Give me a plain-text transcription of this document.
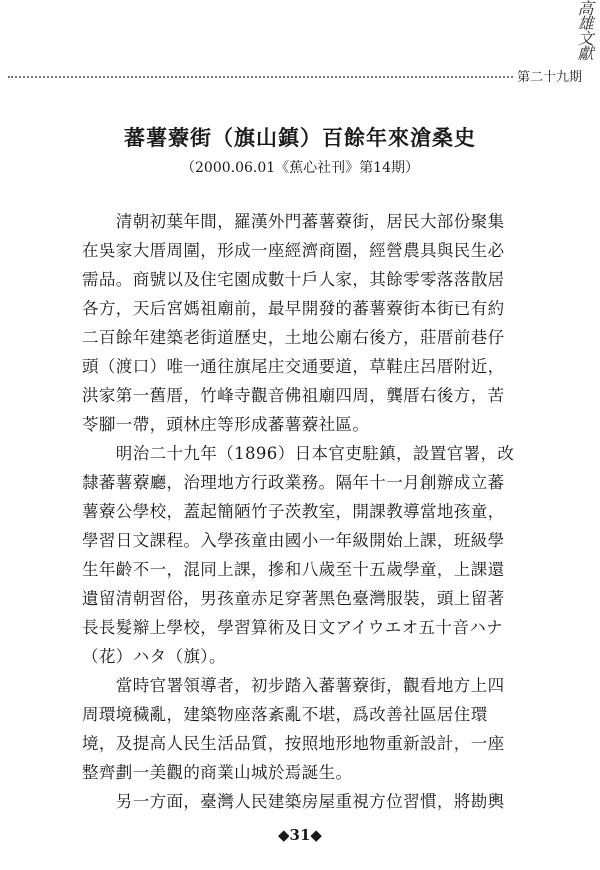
高雄文獻
第二十九期
蕃薯藔街（旗山鎮）百餘年來滄桑史
（2000.06.01《蕉心社刊》第14期）
　　清朝初葉年間，羅漢外門蕃薯藔街，居民大部份聚集
在吳家大厝周圍，形成一座經濟商圈，經營農具與民生必
需品。商號以及住宅園成數十戶人家，其餘零零落落散居
各方，天后宮媽祖廟前，最早開發的蕃薯藔街本街已有約
二百餘年建築老街道歷史，土地公廟右後方，莊厝前巷仔
頭（渡口）唯一通往旗尾庄交通要道，草鞋庄呂厝附近，
洪家第一舊厝，竹峰寺觀音佛祖廟四周，龔厝右後方，苦
苓腳一帶，頭林庄等形成蕃薯藔社區。
　　明治二十九年（1896）日本官吏駐鎮，設置官署，改
隸蕃薯藔廳，治理地方行政業務。隔年十一月創辦成立蕃
薯藔公學校，蓋起簡陋竹子茨教室，開課教導當地孩童，
學習日文課程。入學孩童由國小一年級開始上課，班級學
生年齡不一，混同上課，摻和八歲至十五歲學童，上課還
遺留清朝習俗，男孩童赤足穿著黑色臺灣服裝，頭上留著
長長髮辮上學校，學習算術及日文アイウエオ五十音ハナ
（花）ハタ（旗）。
　　當時官署領導者，初步踏入蕃薯藔街，觀看地方上四
周環境穢亂，建築物座落紊亂不堪，爲改善社區居住環
境，及提高人民生活品質，按照地形地物重新設計，一座
整齊劃一美觀的商業山城於焉誕生。
　　另一方面，臺灣人民建築房屋重視方位習慣，將勘輿
◆31◆
